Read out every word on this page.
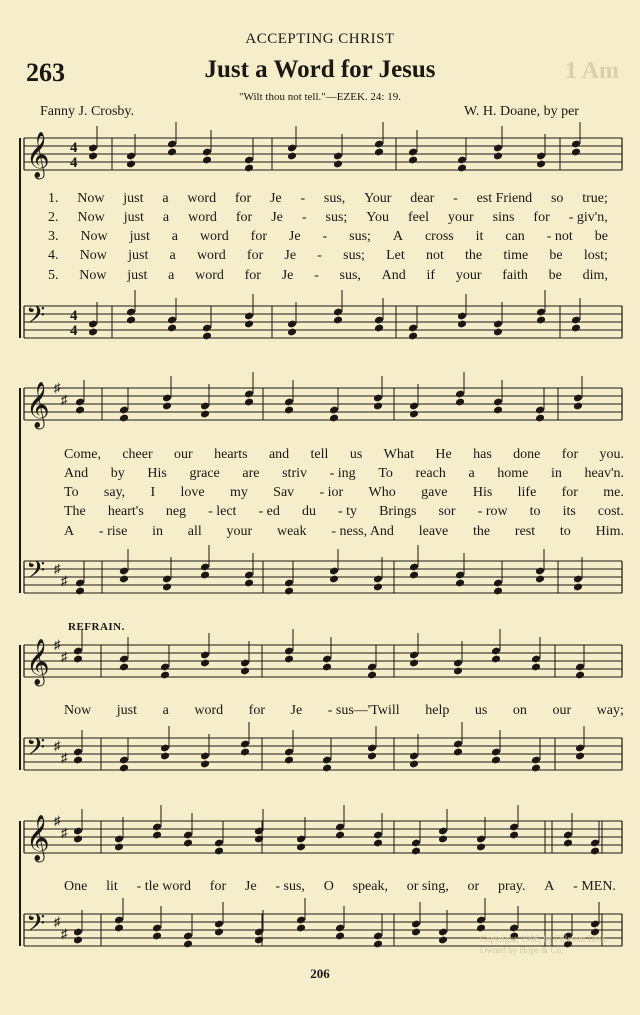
ACCEPTING CHRIST
263	Just a Word for Jesus	1 Am
"Wilt thou not tell."—EZEK. 24: 19.
Fanny J. Crosby.	W. H. Doane, by per
𝄞 4
4
𝄢 4
4
𝄞 ♯
♯
𝄢 ♯
♯
𝄞 ♯
♯
𝄢 ♯
♯
𝄞 ♯
♯
𝄢 ♯
♯
1. Now just a word for Je - sus, Your dear - est Friend so true;
2. Now just a word for Je - sus; You feel your sins for - giv'n,
3. Now just a word for Je - sus; A cross it can - not be
4. Now just a word for Je - sus; Let not the time be lost;
5. Now just a word for Je - sus, And if your faith be dim,
Come, cheer our hearts and tell us What He has done for you.
And by His grace are striv - ing To reach a home in heav'n.
To say, I love my Sav - ior Who gave His life for me.
The heart's neg - lect - ed du - ty Brings sor - row to its cost.
A - rise in all your weak - ness, And leave the rest to Him.
REFRAIN.
Now just a word for Je - sus—'Twill help us on our way;
One lit - tle word for Je - sus, O speak, or sing, or pray. A - MEN.
Copyright, 1906, by Fillmore Bros. Owned by Hope & Co.
206
